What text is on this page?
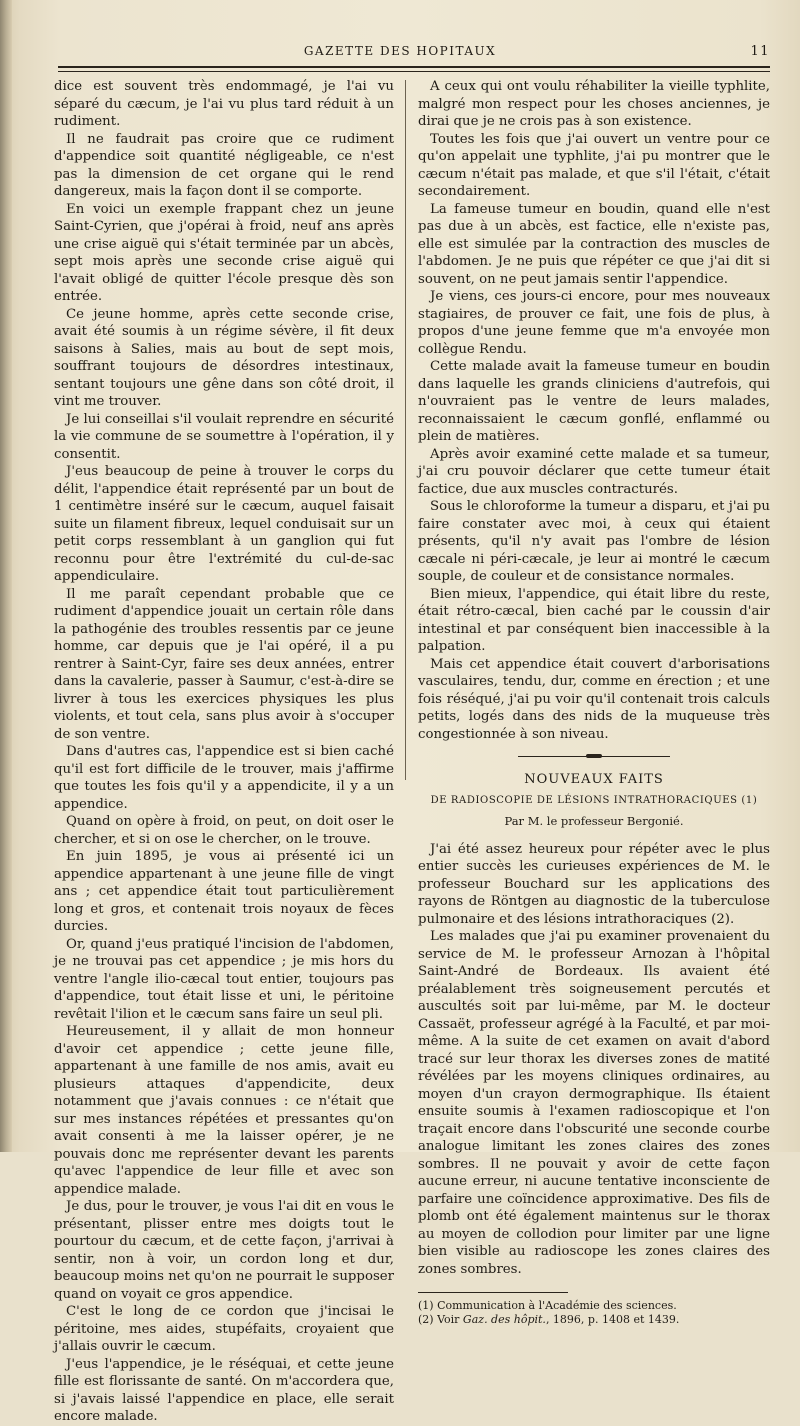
GAZETTE DES HOPITAUX	11

dice est souvent très endommagé, je l'ai vu séparé du cæcum, je l'ai vu plus tard réduit à un rudiment.

Il ne faudrait pas croire que ce rudiment d'appendice soit quantité négligeable, ce n'est pas la dimension de cet organe qui le rend dangereux, mais la façon dont il se comporte.

En voici un exemple frappant chez un jeune Saint-Cyrien, que j'opérai à froid, neuf ans après une crise aiguë qui s'était terminée par un abcès, sept mois après une seconde crise aiguë qui l'avait obligé de quitter l'école presque dès son entrée.

Ce jeune homme, après cette seconde crise, avait été soumis à un régime sévère, il fit deux saisons à Salies, mais au bout de sept mois, souffrant toujours de désordres intestinaux, sentant toujours une gêne dans son côté droit, il vint me trouver.

Je lui conseillai s'il voulait reprendre en sécurité la vie commune de se soumettre à l'opération, il y consentit.

J'eus beaucoup de peine à trouver le corps du délit, l'appendice était représenté par un bout de 1 centimètre inséré sur le cæcum, auquel faisait suite un filament fibreux, lequel conduisait sur un petit corps ressemblant à un ganglion qui fut reconnu pour être l'extrémité du cul-de-sac appendiculaire.

Il me paraît cependant probable que ce rudiment d'appendice jouait un certain rôle dans la pathogénie des troubles ressentis par ce jeune homme, car depuis que je l'ai opéré, il a pu rentrer à Saint-Cyr, faire ses deux années, entrer dans la cavalerie, passer à Saumur, c'est-à-dire se livrer à tous les exercices physiques les plus violents, et tout cela, sans plus avoir à s'occuper de son ventre.

Dans d'autres cas, l'appendice est si bien caché qu'il est fort difficile de le trouver, mais j'affirme que toutes les fois qu'il y a appendicite, il y a un appendice.

Quand on opère à froid, on peut, on doit oser le chercher, et si on ose le chercher, on le trouve.

En juin 1895, je vous ai présenté ici un appendice appartenant à une jeune fille de vingt ans ; cet appendice était tout particulièrement long et gros, et contenait trois noyaux de fèces durcies.

Or, quand j'eus pratiqué l'incision de l'abdomen, je ne trouvai pas cet appendice ; je mis hors du ventre l'angle ilio-cæcal tout entier, toujours pas d'appendice, tout était lisse et uni, le péritoine revêtait l'ilion et le cæcum sans faire un seul pli.

Heureusement, il y allait de mon honneur d'avoir cet appendice ; cette jeune fille, appartenant à une famille de nos amis, avait eu plusieurs attaques d'appendicite, deux notamment que j'avais connues : ce n'était que sur mes instances répétées et pressantes qu'on avait consenti à me la laisser opérer, je ne pouvais donc me représenter devant les parents qu'avec l'appendice de leur fille et avec son appendice malade.

Je dus, pour le trouver, je vous l'ai dit en vous le présentant, plisser entre mes doigts tout le pourtour du cæcum, et de cette façon, j'arrivai à sentir, non à voir, un cordon long et dur, beaucoup moins net qu'on ne pourrait le supposer quand on voyait ce gros appendice.

C'est le long de ce cordon que j'incisai le péritoine, mes aides, stupéfaits, croyaient que j'allais ouvrir le cæcum.

J'eus l'appendice, je le réséquai, et cette jeune fille est florissante de santé. On m'accordera que, si j'avais laissé l'appendice en place, elle serait encore malade.

A ceux qui ont voulu réhabiliter la vieille typhlite, malgré mon respect pour les choses anciennes, je dirai que je ne crois pas à son existence.

Toutes les fois que j'ai ouvert un ventre pour ce qu'on appelait une typhlite, j'ai pu montrer que le cæcum n'était pas malade, et que s'il l'était, c'était secondairement.

La fameuse tumeur en boudin, quand elle n'est pas due à un abcès, est factice, elle n'existe pas, elle est simulée par la contraction des muscles de l'abdomen. Je ne puis que répéter ce que j'ai dit si souvent, on ne peut jamais sentir l'appendice.

Je viens, ces jours-ci encore, pour mes nouveaux stagiaires, de prouver ce fait, une fois de plus, à propos d'une jeune femme que m'a envoyée mon collègue Rendu.

Cette malade avait la fameuse tumeur en boudin dans laquelle les grands cliniciens d'autrefois, qui n'ouvraient pas le ventre de leurs malades, reconnaissaient le cæcum gonflé, enflammé ou plein de matières.

Après avoir examiné cette malade et sa tumeur, j'ai cru pouvoir déclarer que cette tumeur était factice, due aux muscles contracturés.

Sous le chloroforme la tumeur a disparu, et j'ai pu faire constater avec moi, à ceux qui étaient présents, qu'il n'y avait pas l'ombre de lésion cæcale ni péri-cæcale, je leur ai montré le cæcum souple, de couleur et de consistance normales.

Bien mieux, l'appendice, qui était libre du reste, était rétro-cæcal, bien caché par le coussin d'air intestinal et par conséquent bien inaccessible à la palpation.

Mais cet appendice était couvert d'arborisations vasculaires, tendu, dur, comme en érection ; et une fois réséqué, j'ai pu voir qu'il contenait trois calculs petits, logés dans des nids de la muqueuse très congestionnée à son niveau.

NOUVEAUX FAITS
DE RADIOSCOPIE DE LÉSIONS INTRATHORACIQUES (1)
Par M. le professeur Bergonié.

J'ai été assez heureux pour répéter avec le plus entier succès les curieuses expériences de M. le professeur Bouchard sur les applications des rayons de Röntgen au diagnostic de la tuberculose pulmonaire et des lésions intrathoraciques (2).

Les malades que j'ai pu examiner provenaient du service de M. le professeur Arnozan à l'hôpital Saint-André de Bordeaux. Ils avaient été préalablement très soigneusement percutés et auscultés soit par lui-même, par M. le docteur Cassaët, professeur agrégé à la Faculté, et par moi-même. A la suite de cet examen on avait d'abord tracé sur leur thorax les diverses zones de matité révélées par les moyens cliniques ordinaires, au moyen d'un crayon dermographique. Ils étaient ensuite soumis à l'examen radioscopique et l'on traçait encore dans l'obscurité une seconde courbe analogue limitant les zones claires des zones sombres. Il ne pouvait y avoir de cette façon aucune erreur, ni aucune tentative inconsciente de parfaire une coïncidence approximative. Des fils de plomb ont été également maintenus sur le thorax au moyen de collodion pour limiter par une ligne bien visible au radioscope les zones claires des zones sombres.

(1) Communication à l'Académie des sciences.

(2) Voir Gaz. des hôpit., 1896, p. 1408 et 1439.
